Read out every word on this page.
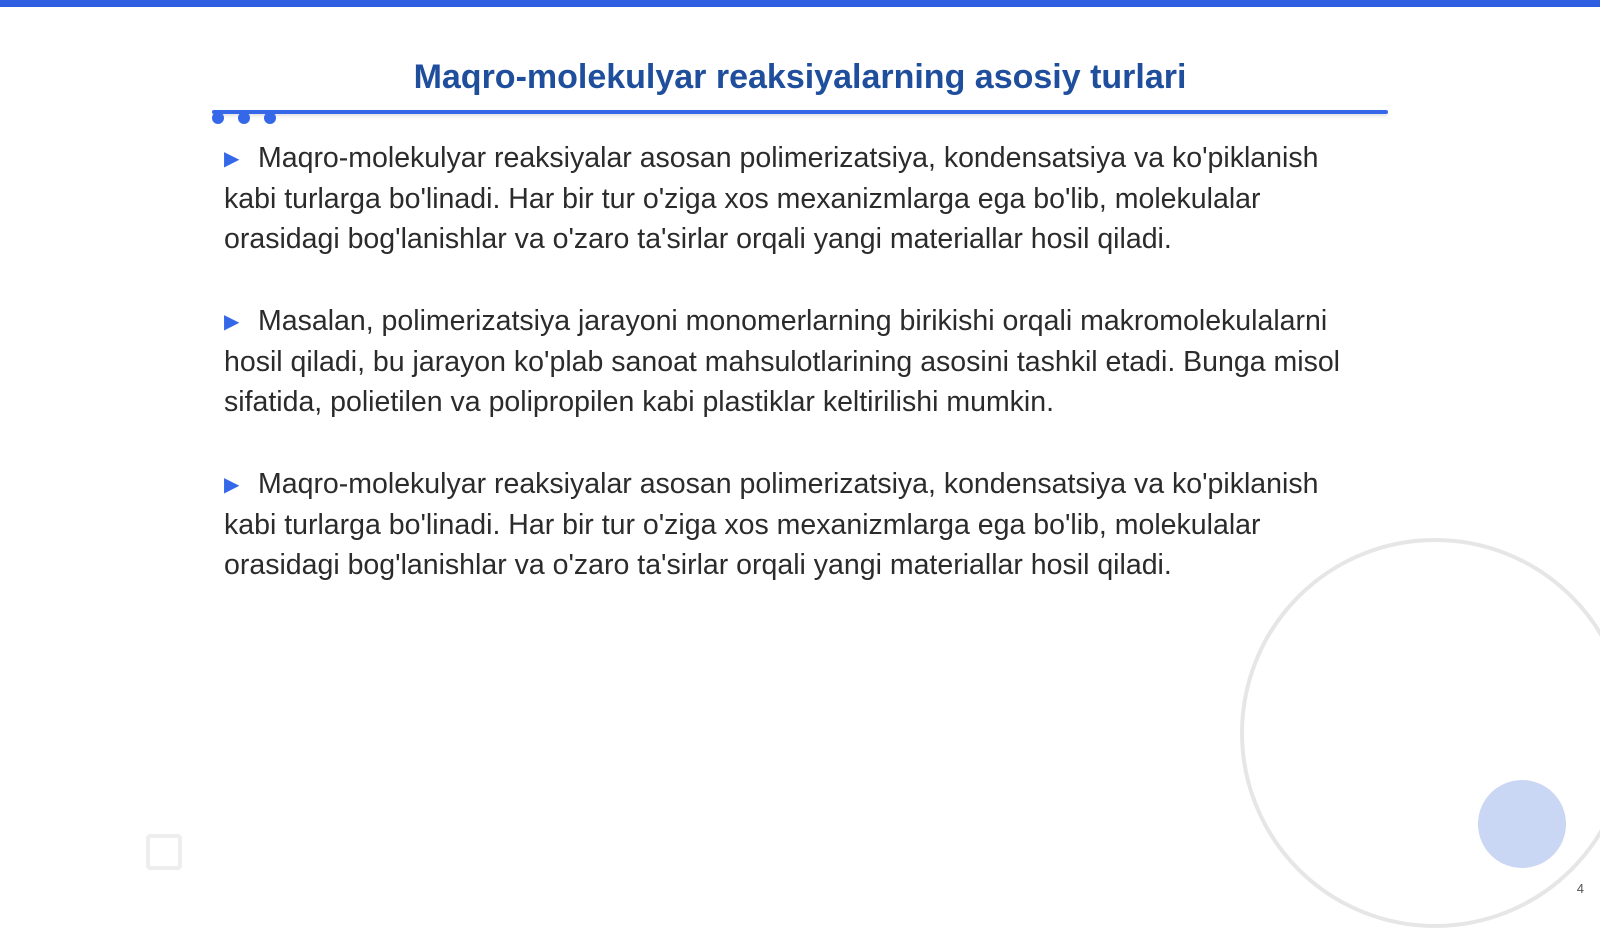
Maqro-molekulyar reaksiyalarning asosiy turlari
▶ Maqro-molekulyar reaksiyalar asosan polimerizatsiya, kondensatsiya va ko'piklanish kabi turlarga bo'linadi. Har bir tur o'ziga xos mexanizmlarga ega bo'lib, molekulalar orasidagi bog'lanishlar va o'zaro ta'sirlar orqali yangi materiallar hosil qiladi.
▶ Masalan, polimerizatsiya jarayoni monomerlarning birikishi orqali makromolekulalarni hosil qiladi, bu jarayon ko'plab sanoat mahsulotlarining asosini tashkil etadi. Bunga misol sifatida, polietilen va polipropilen kabi plastiklar keltirilishi mumkin.
▶ Maqro-molekulyar reaksiyalar asosan polimerizatsiya, kondensatsiya va ko'piklanish kabi turlarga bo'linadi. Har bir tur o'ziga xos mexanizmlarga ega bo'lib, molekulalar orasidagi bog'lanishlar va o'zaro ta'sirlar orqali yangi materiallar hosil qiladi.
4
